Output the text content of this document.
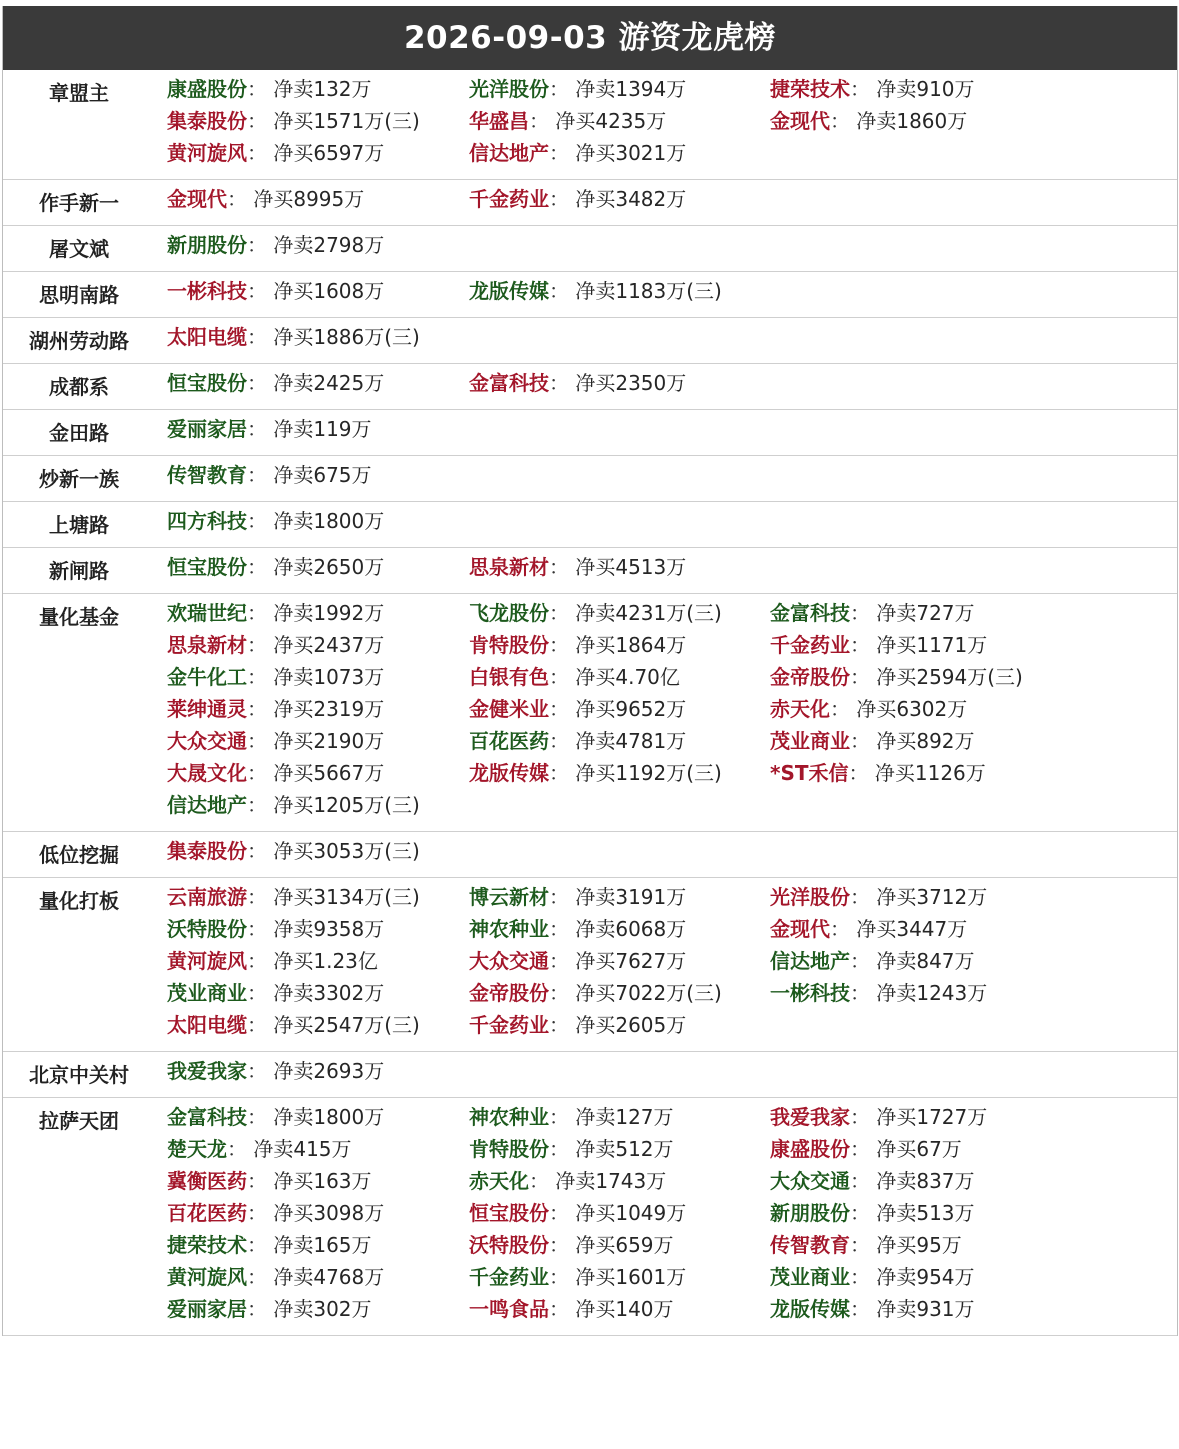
2026-09-03 游资龙虎榜
章盟主	康盛股份： 净卖132万	光洋股份： 净卖1394万	捷荣技术： 净卖910万
集泰股份： 净买1571万(三) 华盛昌： 净买4235万	金现代： 净卖1860万
黄河旋风： 净买6597万	信达地产： 净买3021万
作手新一	金现代： 净买8995万	千金药业： 净买3482万
屠文斌	新朋股份： 净卖2798万
思明南路	一彬科技： 净买1608万	龙版传媒： 净卖1183万(三)
湖州劳动路	太阳电缆： 净买1886万(三)
成都系	恒宝股份： 净卖2425万	金富科技： 净买2350万
金田路	爱丽家居： 净卖119万
炒新一族	传智教育： 净卖675万
上塘路	四方科技： 净卖1800万
新闸路	恒宝股份： 净卖2650万	思泉新材： 净买4513万
量化基金	欢瑞世纪： 净卖1992万	飞龙股份： 净卖4231万(三) 金富科技： 净卖727万
思泉新材： 净买2437万	肯特股份： 净买1864万	千金药业： 净买1171万
金牛化工： 净卖1073万	白银有色： 净买4.70亿	金帝股份： 净买2594万(三)
莱绅通灵： 净买2319万	金健米业： 净买9652万	赤天化： 净买6302万
大众交通： 净买2190万	百花医药： 净卖4781万	茂业商业： 净买892万
大晟文化： 净买5667万	龙版传媒： 净买1192万(三) *ST禾信： 净买1126万
信达地产： 净买1205万(三)
低位挖掘	集泰股份： 净买3053万(三)
量化打板	云南旅游： 净买3134万(三) 博云新材： 净卖3191万	光洋股份： 净买3712万
沃特股份： 净卖9358万	神农种业： 净卖6068万	金现代： 净买3447万
黄河旋风： 净买1.23亿	大众交通： 净买7627万	信达地产： 净卖847万
茂业商业： 净卖3302万	金帝股份： 净买7022万(三) 一彬科技： 净卖1243万
太阳电缆： 净买2547万(三) 千金药业： 净买2605万
北京中关村	我爱我家： 净卖2693万
拉萨天团	金富科技： 净卖1800万	神农种业： 净卖127万	我爱我家： 净买1727万
楚天龙： 净卖415万	肯特股份： 净卖512万	康盛股份： 净买67万
冀衡医药： 净买163万	赤天化： 净卖1743万	大众交通： 净卖837万
百花医药： 净买3098万	恒宝股份： 净买1049万	新朋股份： 净卖513万
捷荣技术： 净卖165万	沃特股份： 净买659万	传智教育： 净买95万
黄河旋风： 净卖4768万	千金药业： 净买1601万	茂业商业： 净卖954万
爱丽家居： 净卖302万	一鸣食品： 净买140万	龙版传媒： 净卖931万
